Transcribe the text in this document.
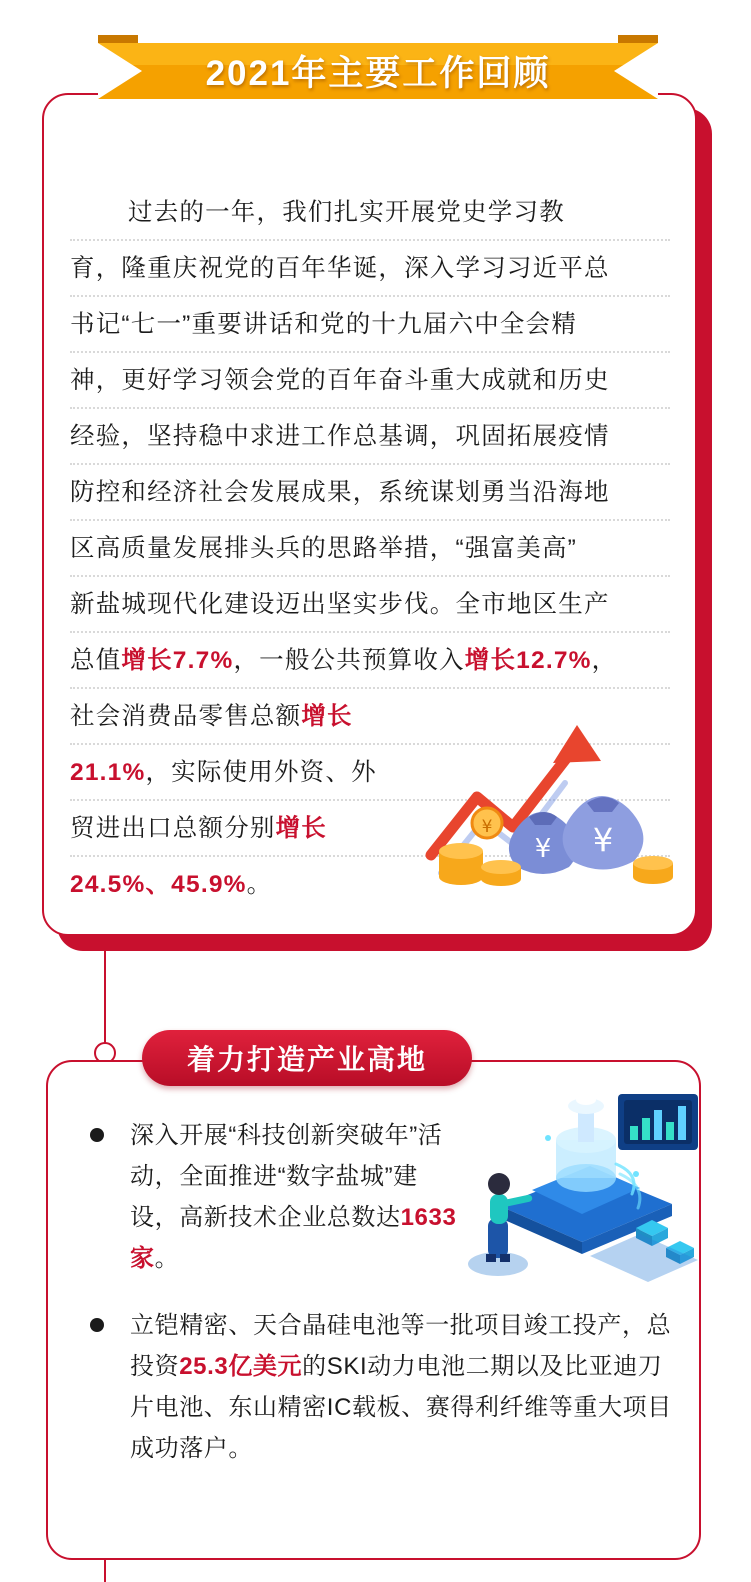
2021年主要工作回顾
过去的一年，我们扎实开展党史学习教
育，隆重庆祝党的百年华诞，深入学习习近平总
书记“七一”重要讲话和党的十九届六中全会精
神，更好学习领会党的百年奋斗重大成就和历史
经验，坚持稳中求进工作总基调，巩固拓展疫情
防控和经济社会发展成果，系统谋划勇当沿海地
区高质量发展排头兵的思路举措，“强富美高”
新盐城现代化建设迈出坚实步伐。全市地区生产
总值增长7.7%，一般公共预算收入增长12.7%，
社会消费品零售总额增长
21.1%，实际使用外资、外
贸进出口总额分别增长
24.5%、45.9%。
¥ ¥
¥
着力打造产业高地
深入开展“科技创新突破年”活动，全面推进“数字盐城”建设，高新技术企业总数达1633家。
立铠精密、天合晶硅电池等一批项目竣工投产，总投资25.3亿美元的SKI动力电池二期以及比亚迪刀片电池、东山精密IC载板、赛得利纤维等重大项目成功落户。
